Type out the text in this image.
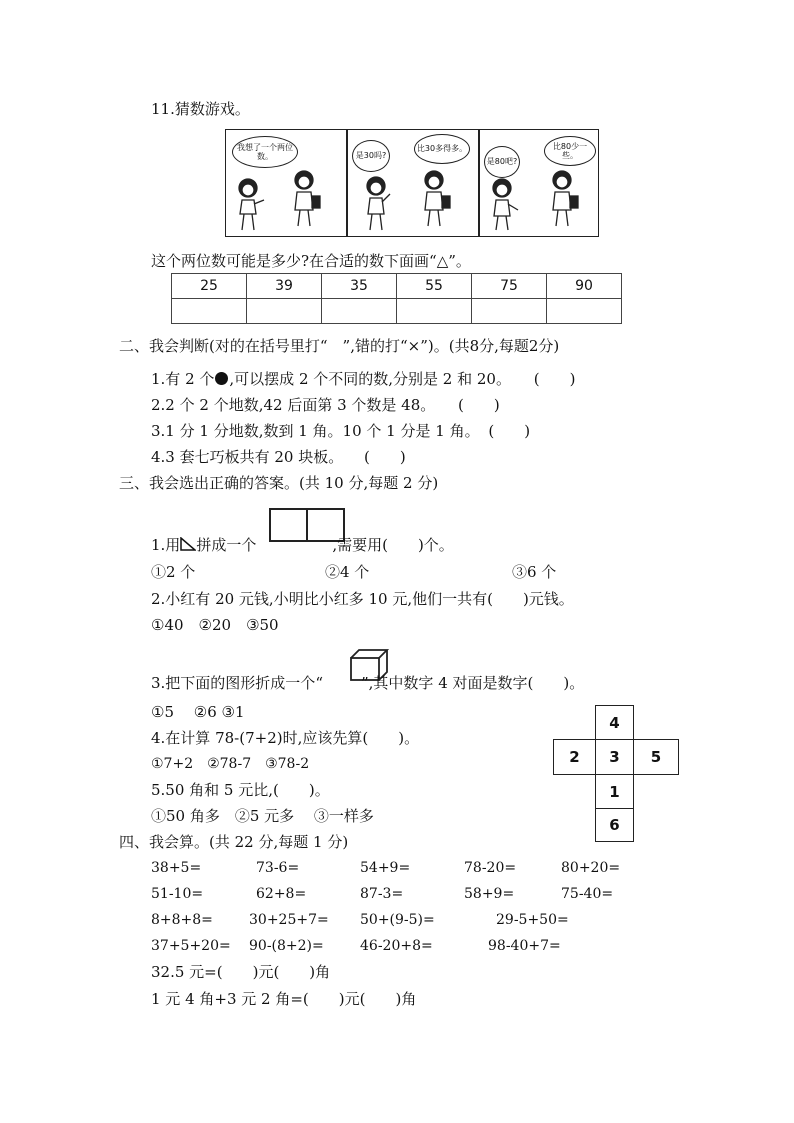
11.猜数游戏。
我想了一个两位数。	是30吗?
比30多得多。
是80吧?
比80少一些。
这个两位数可能是多少?在合适的数下面画“△”。
25	39	35	55	75	90

二、我会判断(对的在括号里打“　”,错的打“×”)。(共8分,每题2分)
1.有 2 个 ,可以摆成 2 个不同的数,分别是 2 和 20。 (　　)
2.2 个 2 个地数,42 后面第 3 个数是 48。 (　　)
3.1 分 1 分地数,数到 1 角。10 个 1 分是 1 角。 (　　)
4.3 套七巧板共有 20 块板。 (　　)
三、我会选出正确的答案。(共 10 分,每题 2 分)
1.用 拼成一个	,需要用(　　)个。
①2 个	②4 个	③6 个
2.小红有 20 元钱,小明比小红多 10 元,他们一共有(　　)元钱。
①40　②20　③50
3.把下面的图形折成一个“	”,其中数字 4 对面是数字(　　)。
①5　 ②6 ③1
4.在计算 78-(7+2)时,应该先算(　　)。
①7+2　②78-7　③78-2
5.50 角和 5 元比,(　　)。
①50 角多　②5 元多　 ③一样多
4
2	3	5
1
6
四、我会算。(共 22 分,每题 1 分)
38+5=	73-6=	54+9=	78-20=	80+20=
51-10=	62+8=	87-3=	58+9=	75-40=
8+8+8=	30+25+7= 50+(9-5)=	29-5+50=
37+5+20= 90-(8+2)=	46-20+8=	98-40+7=
32.5 元=(　　)元(　　)角
1 元 4 角+3 元 2 角=(　　)元(　　)角
